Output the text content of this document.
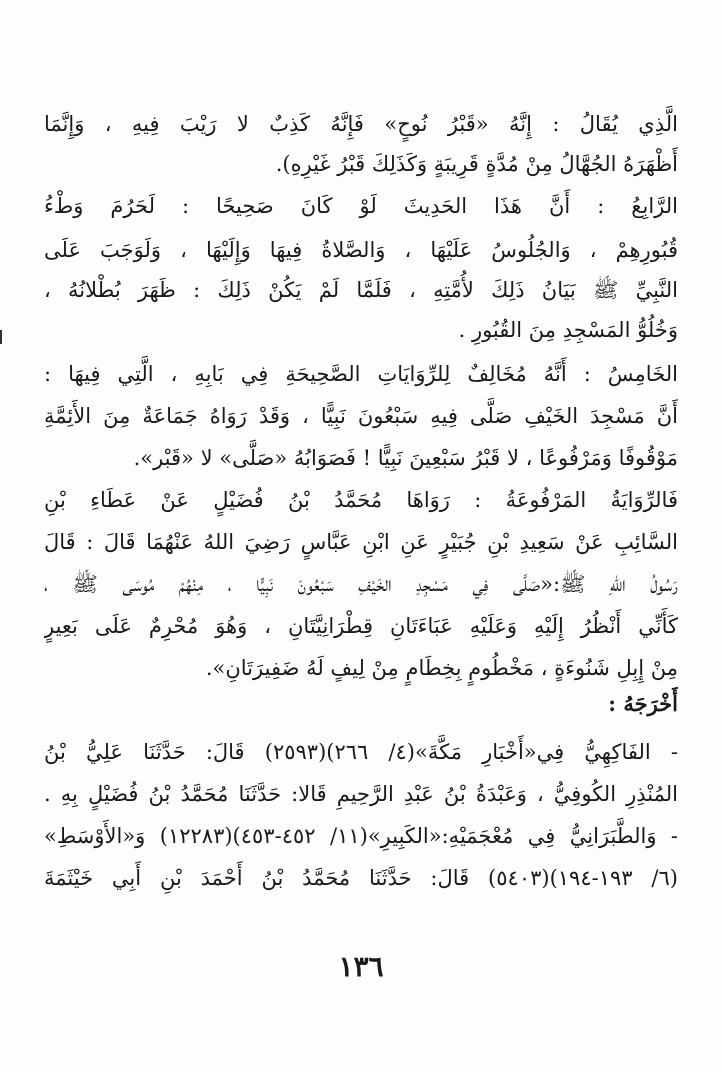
الَّذِي يُقَالُ : إِنَّهُ «قَبْرُ نُوحٍ» فَإِنَّهُ كَذِبٌ لا رَيْبَ فِيهِ ، وَإِنَّمَا
أَظْهَرَهُ الجُهَّالُ مِنْ مُدَّةٍ قَرِيبَةٍ وَكَذَلِكَ قَبْرُ غَيْرِهِ).
الرَّابِعُ : أَنَّ هَذَا الحَدِيثَ لَوْ كَانَ صَحِيحًا : لَحَرُمَ وَطْءُ
قُبُورِهِمْ ، وَالجُلُوسُ عَلَيْهَا ، وَالصَّلاةُ فِيهَا وَإِلَيْهَا ، وَلَوَجَبَ عَلَى
النَّبِيِّ ﷺ بَيَانُ ذَلِكَ لأُمَّتِهِ ، فَلَمَّا لَمْ يَكُنْ ذَلِكَ : ظَهَرَ بُطْلانُهُ ،
وَخُلُوُّ المَسْجِدِ مِنَ القُبُورِ .
الخَامِسُ : أَنَّهُ مُخَالِفٌ لِلرِّوَايَاتِ الصَّحِيحَةِ فِي بَابِهِ ، الَّتِي فِيهَا :
أَنَّ مَسْجِدَ الخَيْفِ صَلَّى فِيهِ سَبْعُونَ نَبِيًّا ، وَقَدْ رَوَاهُ جَمَاعَةٌ مِنَ الأَئِمَّةِ
مَوْقُوفًا وَمَرْفُوعًا ، لا قَبْرُ سَبْعِينَ نَبِيًّا ! فَصَوَابُهُ «صَلَّى» لا «قَبْر».
فَالرِّوَايَةُ المَرْفُوعَةُ : رَوَاهَا مُحَمَّدُ بْنُ فُضَيْلٍ عَنْ عَطَاءِ بْنِ
السَّائِبِ عَنْ سَعِيدِ بْنِ جُبَيْرٍ عَنِ ابْنِ عَبَّاسٍ رَضِيَ اللهُ عَنْهُمَا قَالَ : قَالَ
رَسُولُ اللهِ ﷺ:«صَلَّى فِي مَسْجِدِ الخَيْفِ سَبْعُونَ نَبِيًّا ، مِنْهُمْ مُوسَى ﷺ ،
كَأَنِّي أَنْظُرُ إِلَيْهِ وَعَلَيْهِ عَبَاءَتَانِ قِطْرَانِيَّتَانِ ، وَهُوَ مُحْرِمٌ عَلَى بَعِيرٍ
مِنْ إِبِلِ شَنُوءَةٍ ، مَخْطُومٍ بِخِطَامٍ مِنْ لِيفٍ لَهُ ضَفِيرَتَانِ».
أَخْرَجَهُ :
- الفَاكِهِيُّ فِي«أَخْبَارِ مَكَّةَ»(٤/ ٢٦٦)(٢٥٩٣) قَالَ: حَدَّثَنَا عَلِيُّ بْنُ
المُنْذِرِ الكُوفِيُّ ، وَعَبْدَةُ بْنُ عَبْدِ الرَّحِيمِ قَالا: حَدَّثَنَا مُحَمَّدُ بْنُ فُضَيْلٍ بِهِ .
- وَالطَّبَرَانِيُّ فِي مُعْجَمَيْهِ:«الكَبِيرِ»(١١/ ٤٥٢-٤٥٣)(١٢٢٨٣) وَ«الأَوْسَطِ»
(٦/ ١٩٣-١٩٤)(٥٤٠٣) قَالَ: حَدَّثَنَا مُحَمَّدُ بْنُ أَحْمَدَ بْنِ أَبِي خَيْثَمَةَ
١٣٦
